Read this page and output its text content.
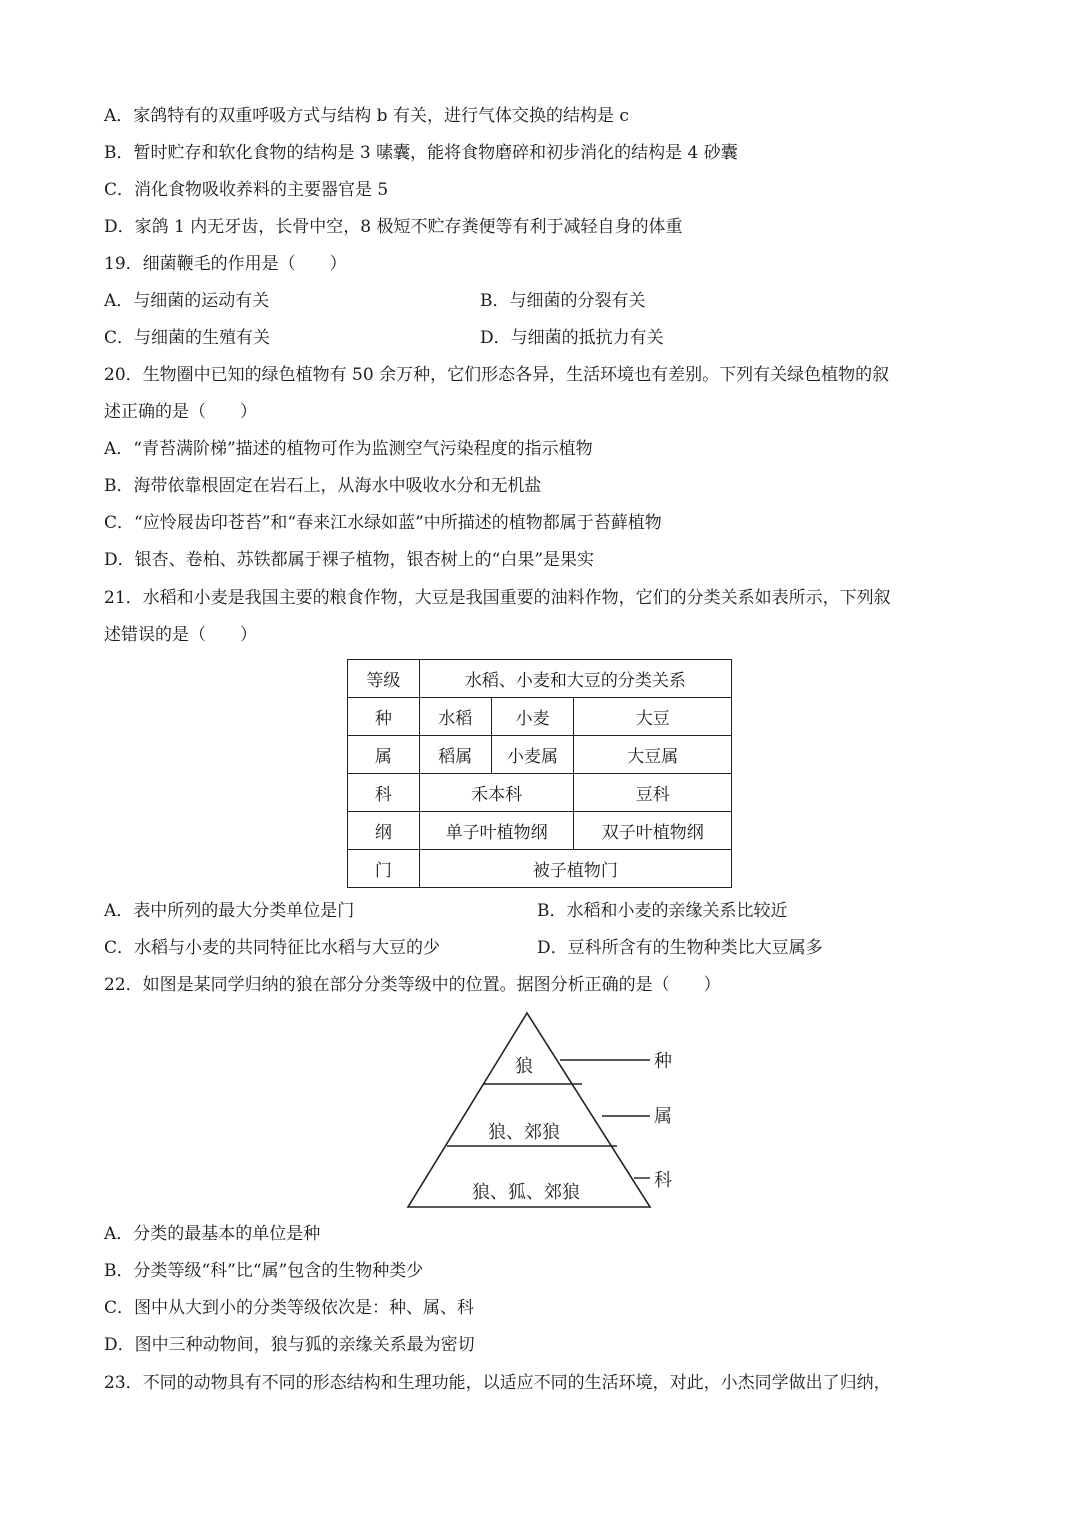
A．家鸽特有的双重呼吸方式与结构 b 有关，进行气体交换的结构是 c
B．暂时贮存和软化食物的结构是 3 嗉囊，能将食物磨碎和初步消化的结构是 4 砂囊
C．消化食物吸收养料的主要器官是 5
D．家鸽 1 内无牙齿，长骨中空，8 极短不贮存粪便等有利于减轻自身的体重
19．细菌鞭毛的作用是（　　）
A．与细菌的运动有关	B．与细菌的分裂有关
C．与细菌的生殖有关	D．与细菌的抵抗力有关
20．生物圈中已知的绿色植物有 50 余万种，它们形态各异，生活环境也有差别。下列有关绿色植物的叙
述正确的是（　　）
A．“青苔满阶梯”描述的植物可作为监测空气污染程度的指示植物
B．海带依靠根固定在岩石上，从海水中吸收水分和无机盐
C．“应怜屐齿印苍苔”和“春来江水绿如蓝”中所描述的植物都属于苔藓植物
D．银杏、卷柏、苏铁都属于裸子植物，银杏树上的“白果”是果实
21．水稻和小麦是我国主要的粮食作物，大豆是我国重要的油料作物，它们的分类关系如表所示，下列叙
述错误的是（　　）
等级	水稻、小麦和大豆的分类关系		
种	水稻	小麦	大豆
属	稻属	小麦属	大豆属
科	禾本科		豆科
纲	单子叶植物纲		双子叶植物纲
门	被子植物门		
A．表中所列的最大分类单位是门	B．水稻和小麦的亲缘关系比较近
C．水稻与小麦的共同特征比水稻与大豆的少	D．豆科所含有的生物种类比大豆属多
22．如图是某同学归纳的狼在部分分类等级中的位置。据图分析正确的是（　　）
狼
狼、郊狼
狼、狐、郊狼
种
属
科
A．分类的最基本的单位是种
B．分类等级“科”比“属”包含的生物种类少
C．图中从大到小的分类等级依次是：种、属、科
D．图中三种动物间，狼与狐的亲缘关系最为密切
23．不同的动物具有不同的形态结构和生理功能，以适应不同的生活环境，对此，小杰同学做出了归纳，
